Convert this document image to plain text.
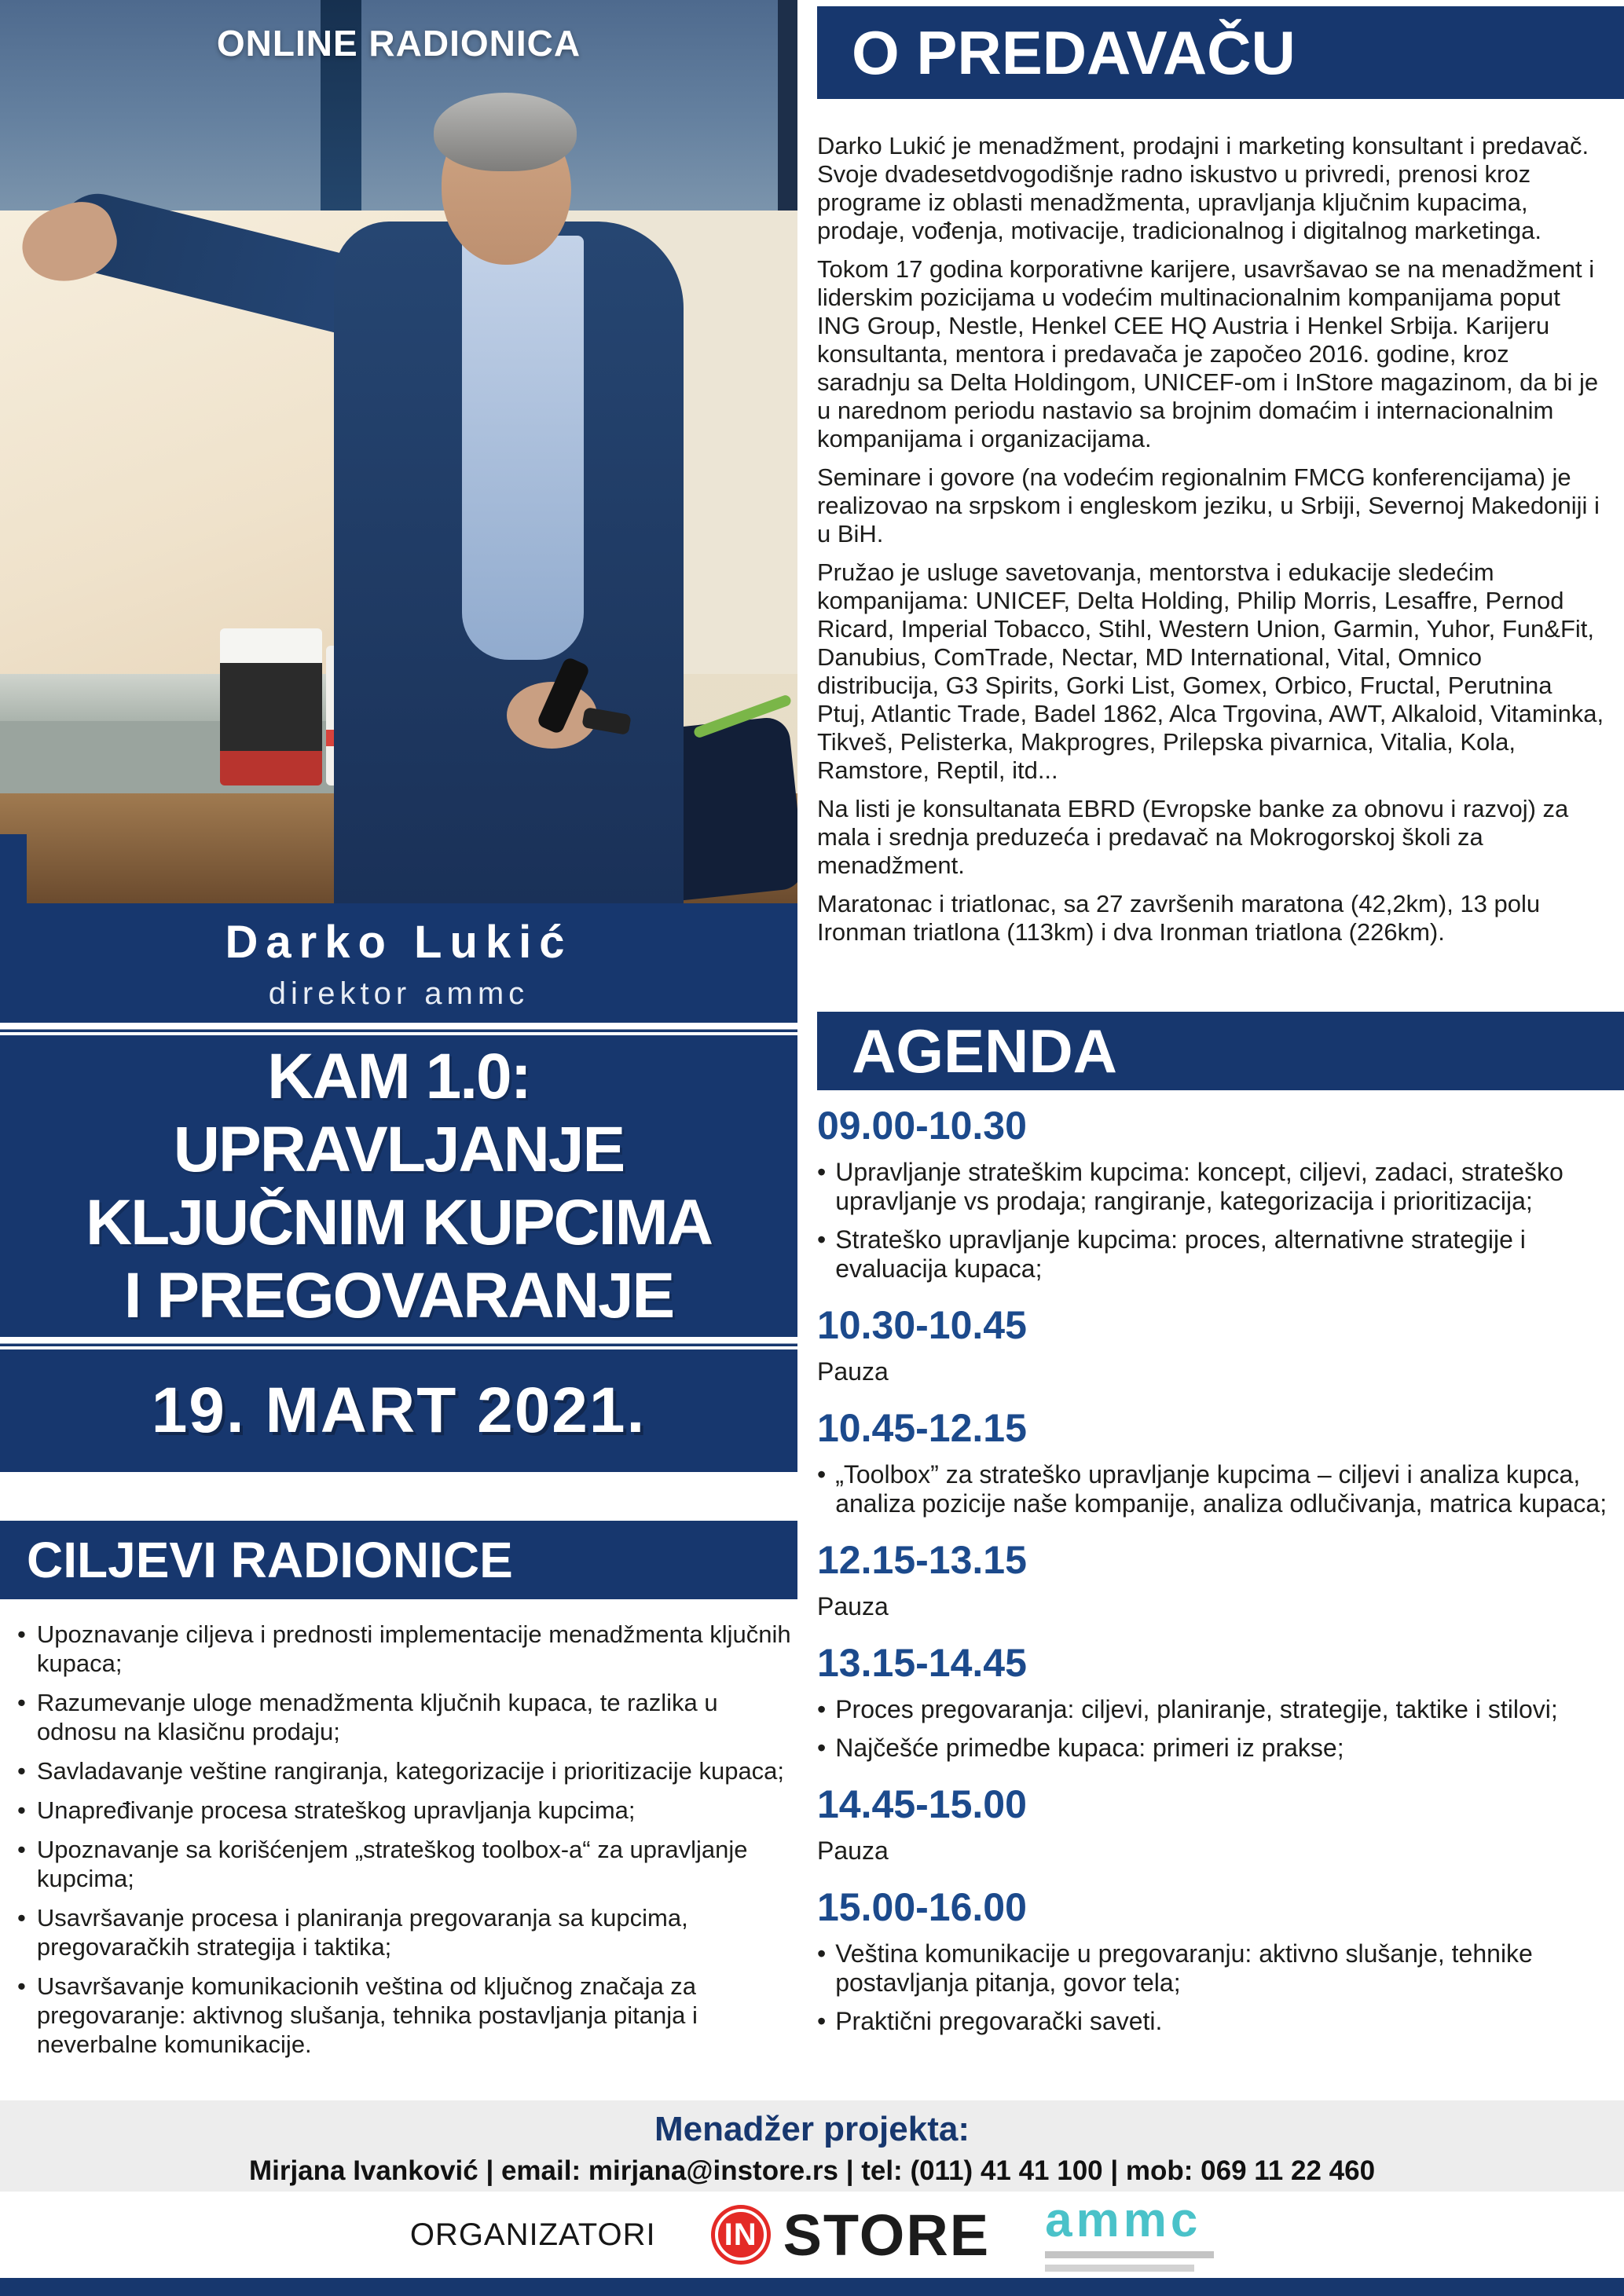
ONLINE RADIONICA
Darko Lukić
direktor ammc
KAM 1.0:
UPRAVLJANJE
KLJUČNIM KUPCIMA
I PREGOVARANJE
19. MART 2021.
CILJEVI RADIONICE
• Upoznavanje ciljeva i prednosti implementacije menadžmenta ključnih kupaca;
• Razumevanje uloge menadžmenta ključnih kupaca, te razlika u odnosu na klasičnu prodaju;
• Savladavanje veštine rangiranja, kategorizacije i prioritizacije kupaca;
• Unapređivanje procesa strateškog upravljanja kupcima;
• Upoznavanje sa korišćenjem „strateškog toolbox-a“ za upravljanje kupcima;
• Usavršavanje procesa i planiranja pregovaranja sa kupcima, pregovaračkih strategija i taktika;
• Usavršavanje komunikacionih veština od ključnog značaja za pregovaranje: aktivnog slušanja, tehnika postavljanja pitanja i neverbalne komunikacije.
O PREDAVAČU

Darko Lukić je menadžment, prodajni i marketing konsultant i predavač. Svoje dvadesetdvogodišnje radno iskustvo u privredi, prenosi kroz programe iz oblasti menadžmenta, upravljanja ključnim kupacima, prodaje, vođenja, motivacije, tradicionalnog i digitalnog marketinga.

Tokom 17 godina korporativne karijere, usavršavao se na menadžment i liderskim pozicijama u vodećim multinacionalnim kompanijama poput ING Group, Nestle, Henkel CEE HQ Austria i Henkel Srbija. Karijeru konsultanta, mentora i predavača je započeo 2016. godine, kroz saradnju sa Delta Holdingom, UNICEF-om i InStore magazinom, da bi je u narednom periodu nastavio sa brojnim domaćim i internacionalnim kompanijama i organizacijama.

Seminare i govore (na vodećim regionalnim FMCG konferencijama) je realizovao na srpskom i engleskom jeziku, u Srbiji, Severnoj Makedoniji i u BiH.

Pružao je usluge savetovanja, mentorstva i edukacije sledećim kompanijama: UNICEF, Delta Holding, Philip Morris, Lesaffre, Pernod Ricard, Imperial Tobacco, Stihl, Western Union, Garmin, Yuhor, Fun&Fit, Danubius, ComTrade, Nectar, MD International, Vital, Omnico distribucija, G3 Spirits, Gorki List, Gomex, Orbico, Fructal, Perutnina Ptuj, Atlantic Trade, Badel 1862, Alca Trgovina, AWT, Alkaloid, Vitaminka, Tikveš, Pelisterka, Makprogres, Prilepska pivarnica, Vitalia, Kola, Ramstore, Reptil, itd...

Na listi je konsultanata EBRD (Evropske banke za obnovu i razvoj) za mala i srednja preduzeća i predavač na Mokrogorskoj školi za menadžment.

Maratonac i triatlonac, sa 27 završenih maratona (42,2km), 13 polu Ironman triatlona (113km) i dva Ironman triatlona (226km).

AGENDA
09.00-10.30
• Upravljanje strateškim kupcima: koncept, ciljevi, zadaci, strateško upravljanje vs prodaja; rangiranje, kategorizacija i prioritizacija;
• Strateško upravljanje kupcima: proces, alternativne strategije i evaluacija kupaca;
10.30-10.45

Pauza

10.45-12.15
• „Toolbox” za strateško upravljanje kupcima – ciljevi i analiza kupca, analiza pozicije naše kompanije, analiza odlučivanja, matrica kupaca;
12.15-13.15

Pauza

13.15-14.45
• Proces pregovaranja: ciljevi, planiranje, strategije, taktike i stilovi;
• Najčešće primedbe kupaca: primeri iz prakse;
14.45-15.00

Pauza

15.00-16.00
• Veština komunikacije u pregovaranju: aktivno slušanje, tehnike postavljanja pitanja, govor tela;
• Praktični pregovarački saveti.
Menadžer projekta:
Mirjana Ivanković | email: mirjana@instore.rs | tel: (011) 41 41 100 | mob: 069 11 22 460
ORGANIZATORI IN STORE ammc
